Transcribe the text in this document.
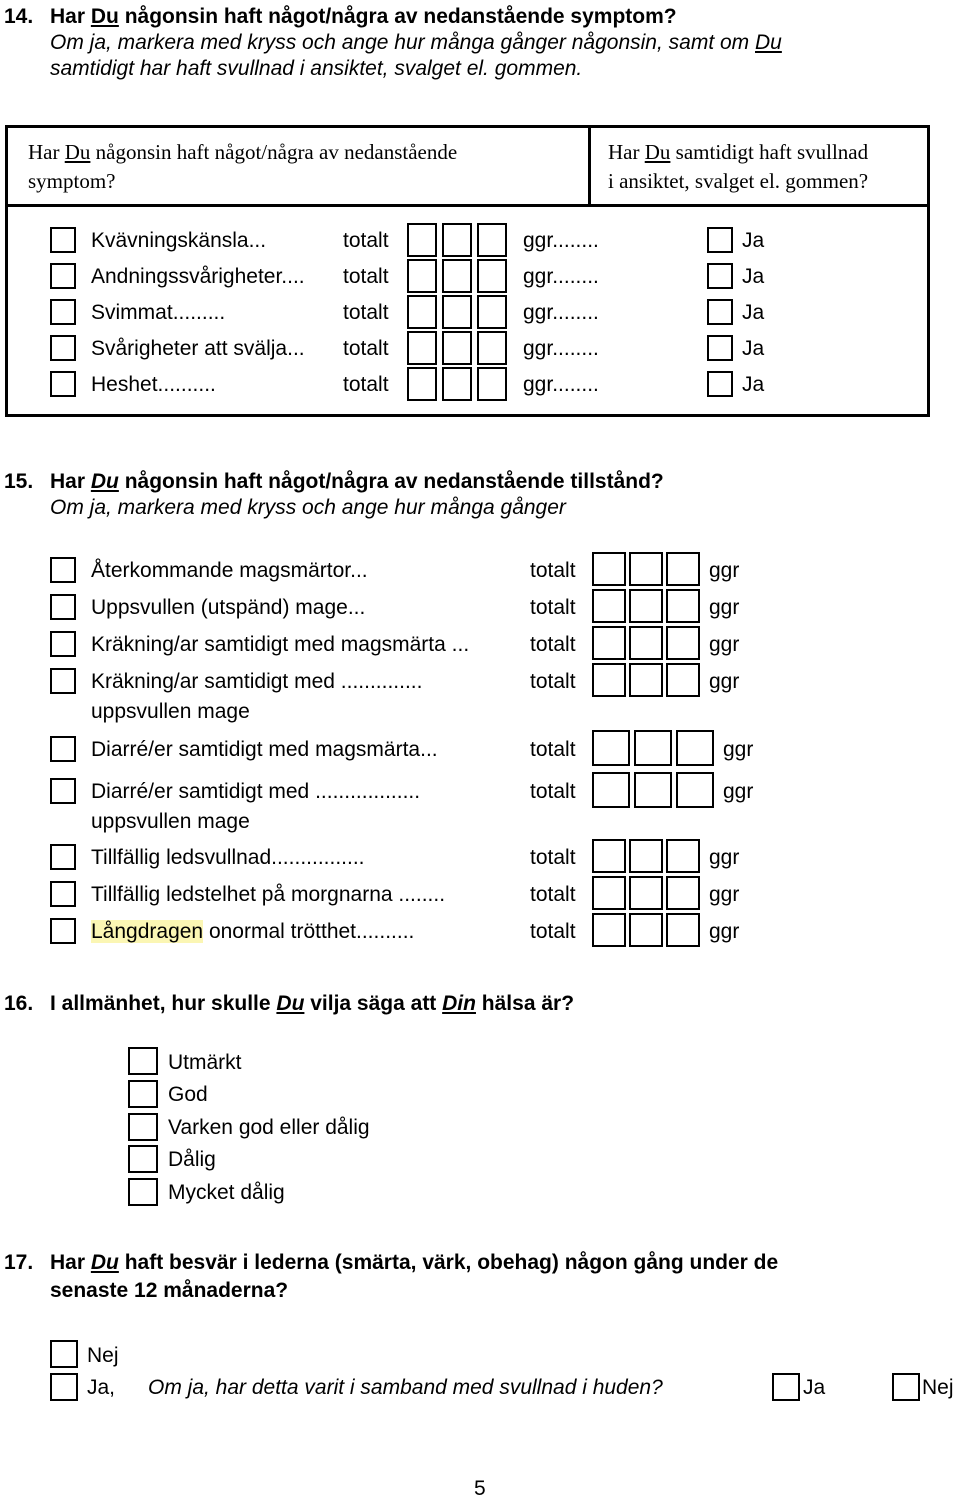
14. Har Du någonsin haft något/några av nedanstående symptom?
Om ja, markera med kryss och ange hur många gånger någonsin, samt om Du
samtidigt har haft svullnad i ansiktet, svalget el. gommen.
Har Du någonsin haft något/några av nedanstående
symptom?
Har Du samtidigt haft svullnad
i ansiktet, svalget el. gommen?
Kvävningskänsla...	totalt	ggr........	Ja
Andningssvårigheter.... totalt	ggr........	Ja
Svimmat.........	totalt	ggr........	Ja
Svårigheter att svälja... totalt	ggr........	Ja
Heshet..........	totalt	ggr........	Ja
15. Har Du någonsin haft något/några av nedanstående tillstånd?
Om ja, markera med kryss och ange hur många gånger
Återkommande magsmärtor...	totalt	ggr
Uppsvullen (utspänd) mage...	totalt	ggr
Kräkning/ar samtidigt med magsmärta ...	totalt	ggr
Kräkning/ar samtidigt med ..............
uppsvullen mage
totalt	ggr
Diarré/er samtidigt med magsmärta...	totalt	ggr
Diarré/er samtidigt med ..................
uppsvullen mage
totalt	ggr
Tillfällig ledsvullnad................	totalt	ggr
Tillfällig ledstelhet på morgnarna ........	totalt	ggr
Långdragen onormal trötthet..........	totalt	ggr
16. I allmänhet, hur skulle Du vilja säga att Din hälsa är?
Utmärkt
God
Varken god eller dålig
Dålig
Mycket dålig
17. Har Du haft besvär i lederna (smärta, värk, obehag) någon gång under de
senaste 12 månaderna?
Nej
Ja, Om ja, har detta varit i samband med svullnad i huden?	Ja	Nej
5
